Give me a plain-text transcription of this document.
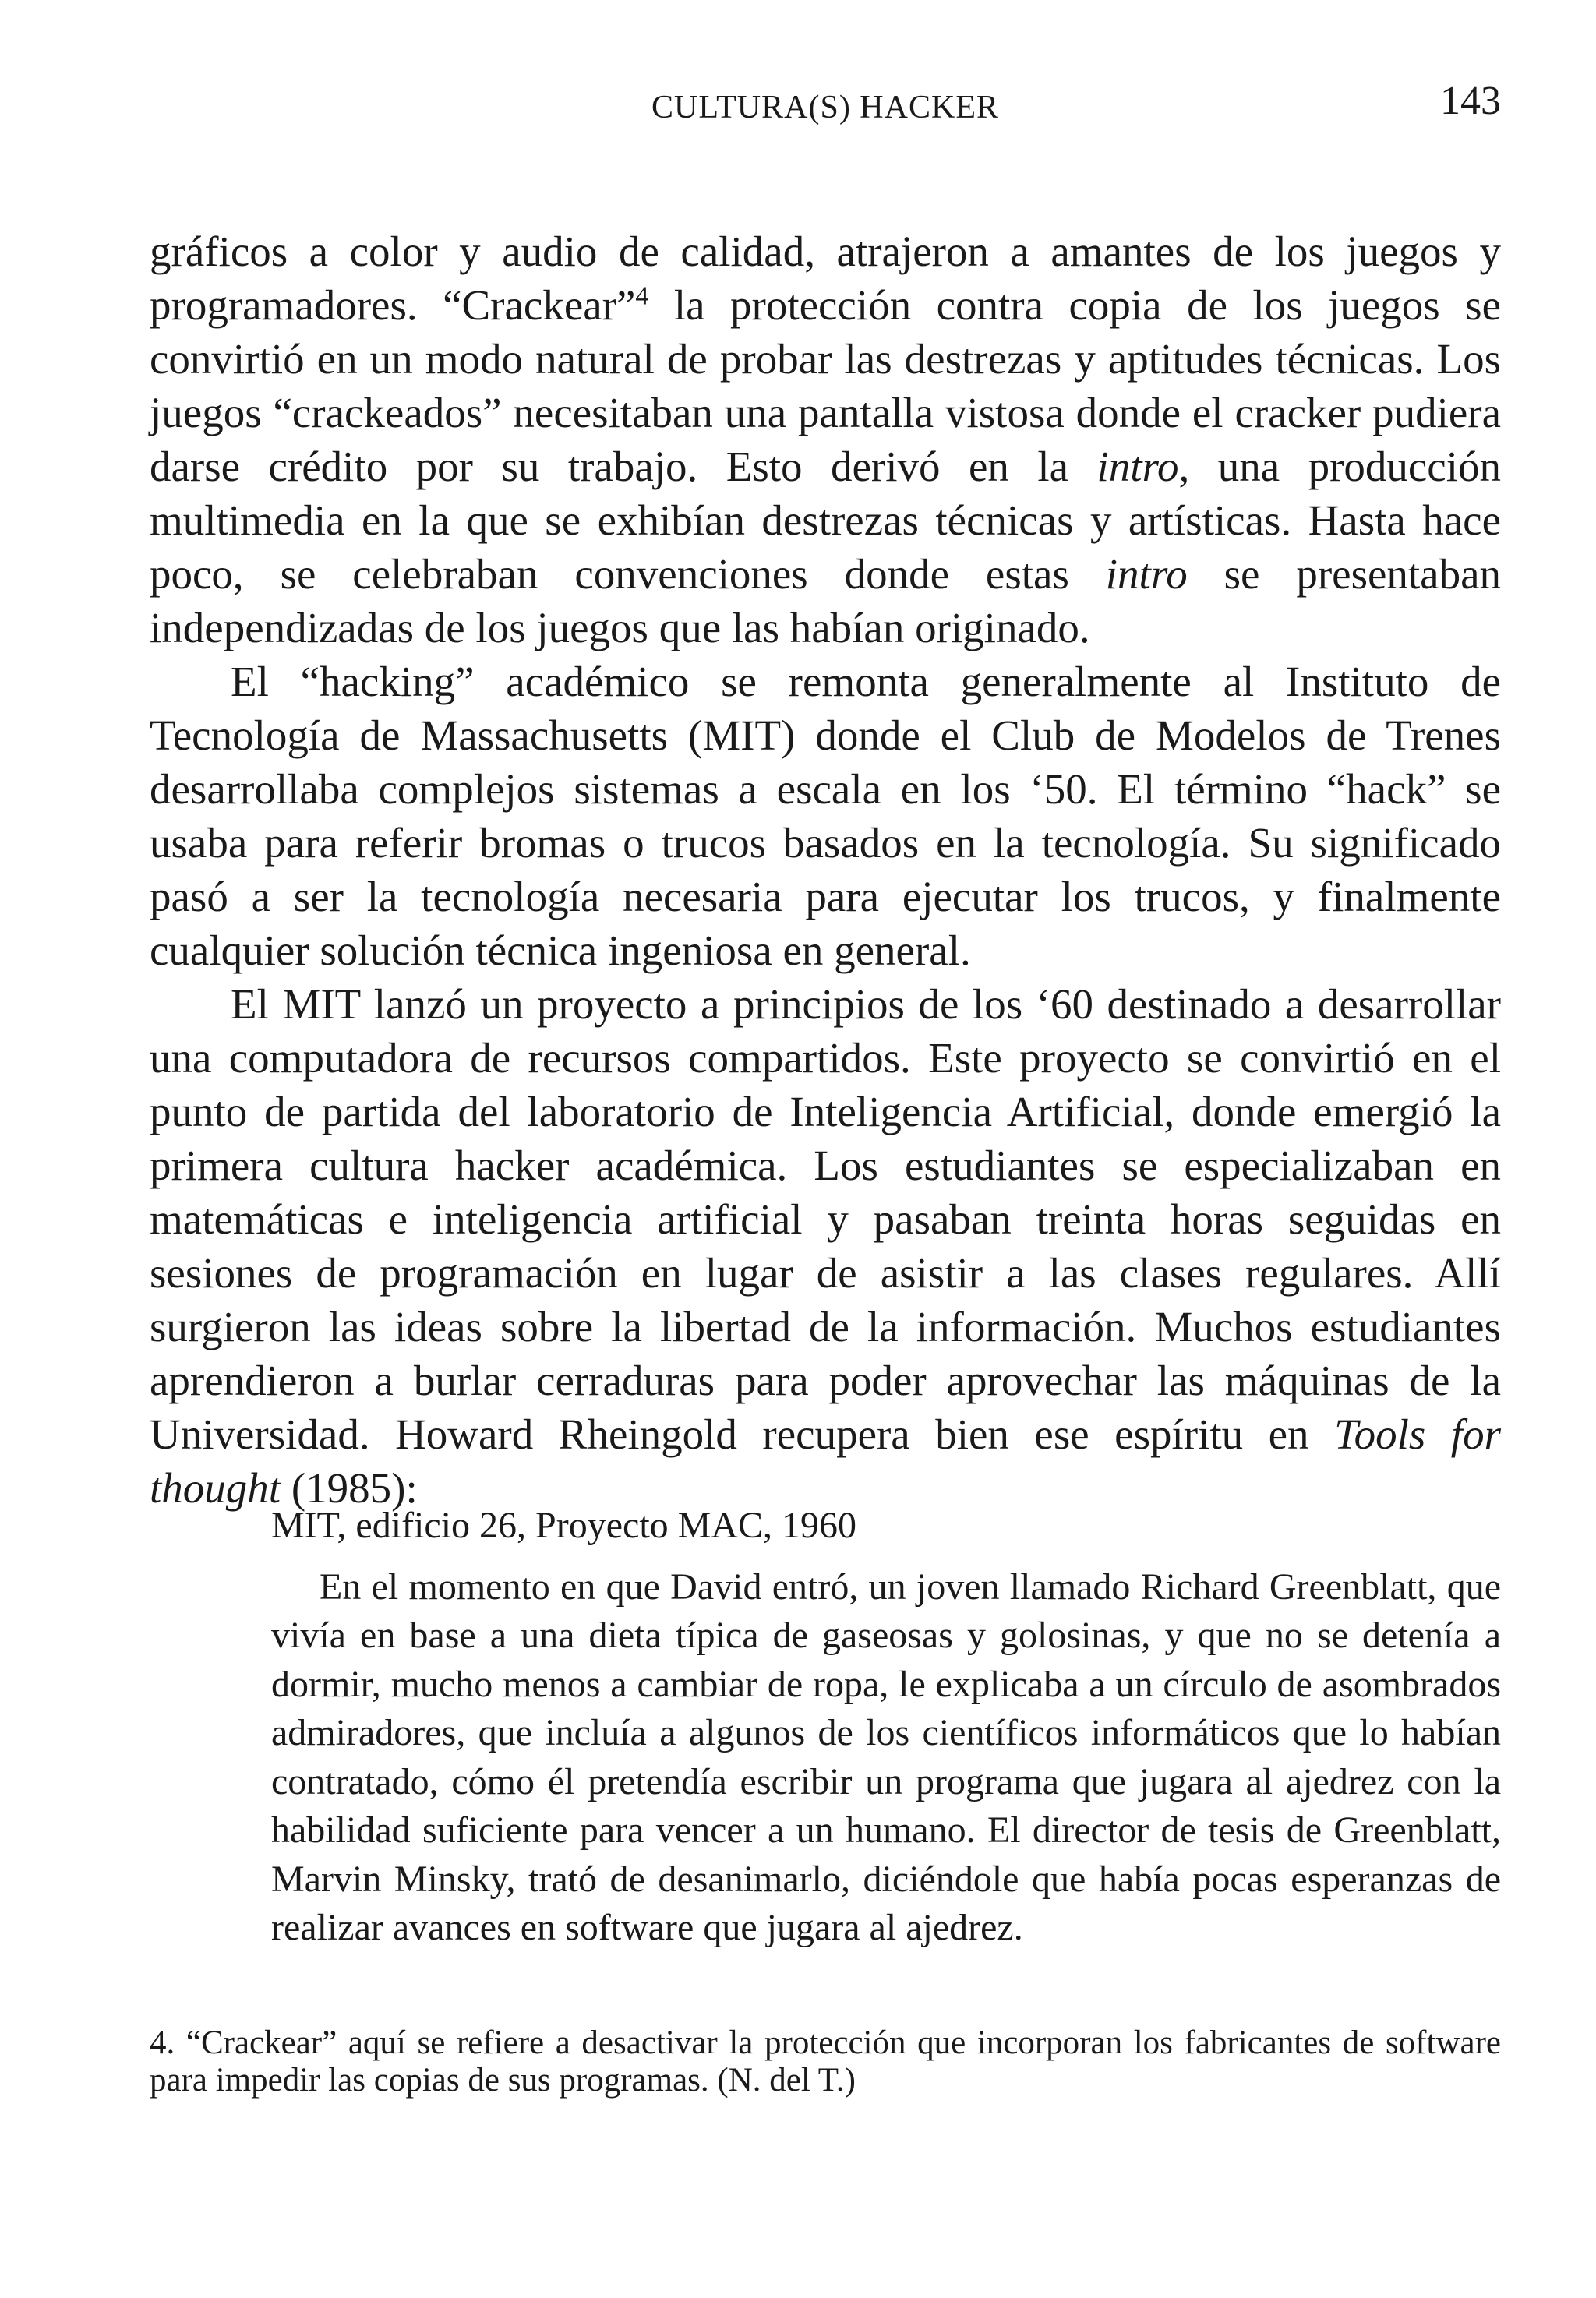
CULTURA(S) HACKER	143

gráficos a color y audio de calidad, atrajeron a amantes de los juegos y programadores. “Crackear”$^4$ la protección contra copia de los juegos se convirtió en un modo natural de probar las destrezas y aptitudes técnicas. Los juegos “crackeados” necesitaban una pantalla vistosa donde el cracker pudiera darse crédito por su trabajo. Esto derivó en la intro, una producción multimedia en la que se exhibían destrezas técnicas y artísticas. Hasta hace poco, se celebraban convenciones donde estas intro se presentaban independizadas de los juegos que las habían originado.

El “hacking” académico se remonta generalmente al Instituto de Tecnología de Massachusetts (MIT) donde el Club de Modelos de Trenes desarrollaba complejos sistemas a escala en los ‘50. El término “hack” se usaba para referir bromas o trucos basados en la tecnología. Su significado pasó a ser la tecnología necesaria para ejecutar los trucos, y finalmente cualquier solución técnica ingeniosa en general.

El MIT lanzó un proyecto a principios de los ‘60 destinado a desarrollar una computadora de recursos compartidos. Este proyecto se convirtió en el punto de partida del laboratorio de Inteligencia Artificial, donde emergió la primera cultura hacker académica. Los estudiantes se especializaban en matemáticas e inteligencia artificial y pasaban treinta horas seguidas en sesiones de programación en lugar de asistir a las clases regulares. Allí surgieron las ideas sobre la libertad de la información. Muchos estudiantes aprendieron a burlar cerraduras para poder aprovechar las máquinas de la Universidad. Howard Rheingold recupera bien ese espíritu en Tools for thought (1985):

MIT, edificio 26, Proyecto MAC, 1960

En el momento en que David entró, un joven llamado Richard Greenblatt, que vivía en base a una dieta típica de gaseosas y golosinas, y que no se detenía a dormir, mucho menos a cambiar de ropa, le explicaba a un círculo de asombrados admiradores, que incluía a algunos de los científicos informáticos que lo habían contratado, cómo él pretendía escribir un programa que jugara al ajedrez con la habilidad suficiente para vencer a un humano. El director de tesis de Greenblatt, Marvin Minsky, trató de desanimarlo, diciéndole que había pocas esperanzas de realizar avances en software que jugara al ajedrez.

4. “Crackear” aquí se refiere a desactivar la protección que incorporan los fabricantes de software para impedir las copias de sus programas. (N. del T.)
